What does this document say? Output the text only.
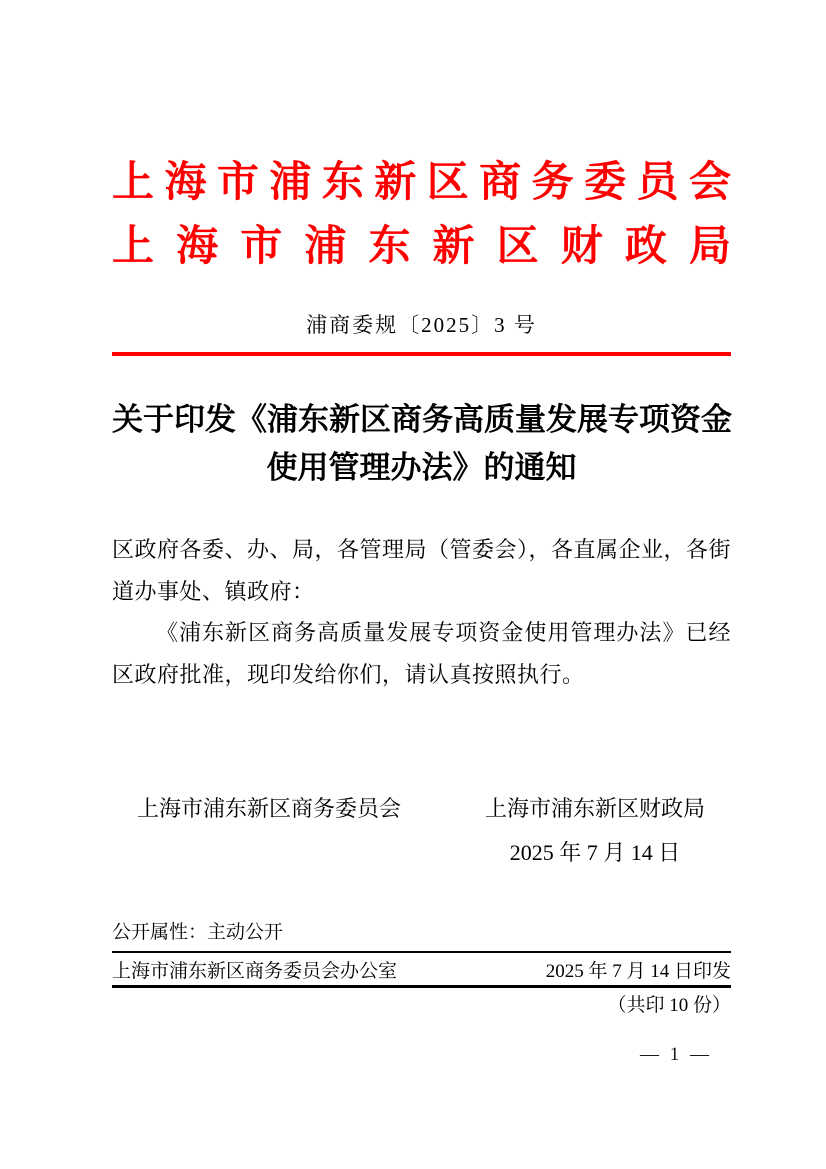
上 海 市 浦 东 新 区 商 务 委 员 会
上 海 市 浦 东 新 区 财 政 局
浦商委规〔2025〕3 号
关于印发《浦东新区商务高质量发展专项资金
使用管理办法》的通知

区政府各委、办、局，各管理局（管委会），各直属企业，各街道办事处、镇政府：

《浦东新区商务高质量发展专项资金使用管理办法》已经区政府批准，现印发给你们，请认真按照执行。

上海市浦东新区商务委员会	上海市浦东新区财政局
2025 年 7 月 14 日
公开属性：主动公开
上海市浦东新区商务委员会办公室	2025 年 7 月 14 日印发
（共印 10 份）
— 1 —
